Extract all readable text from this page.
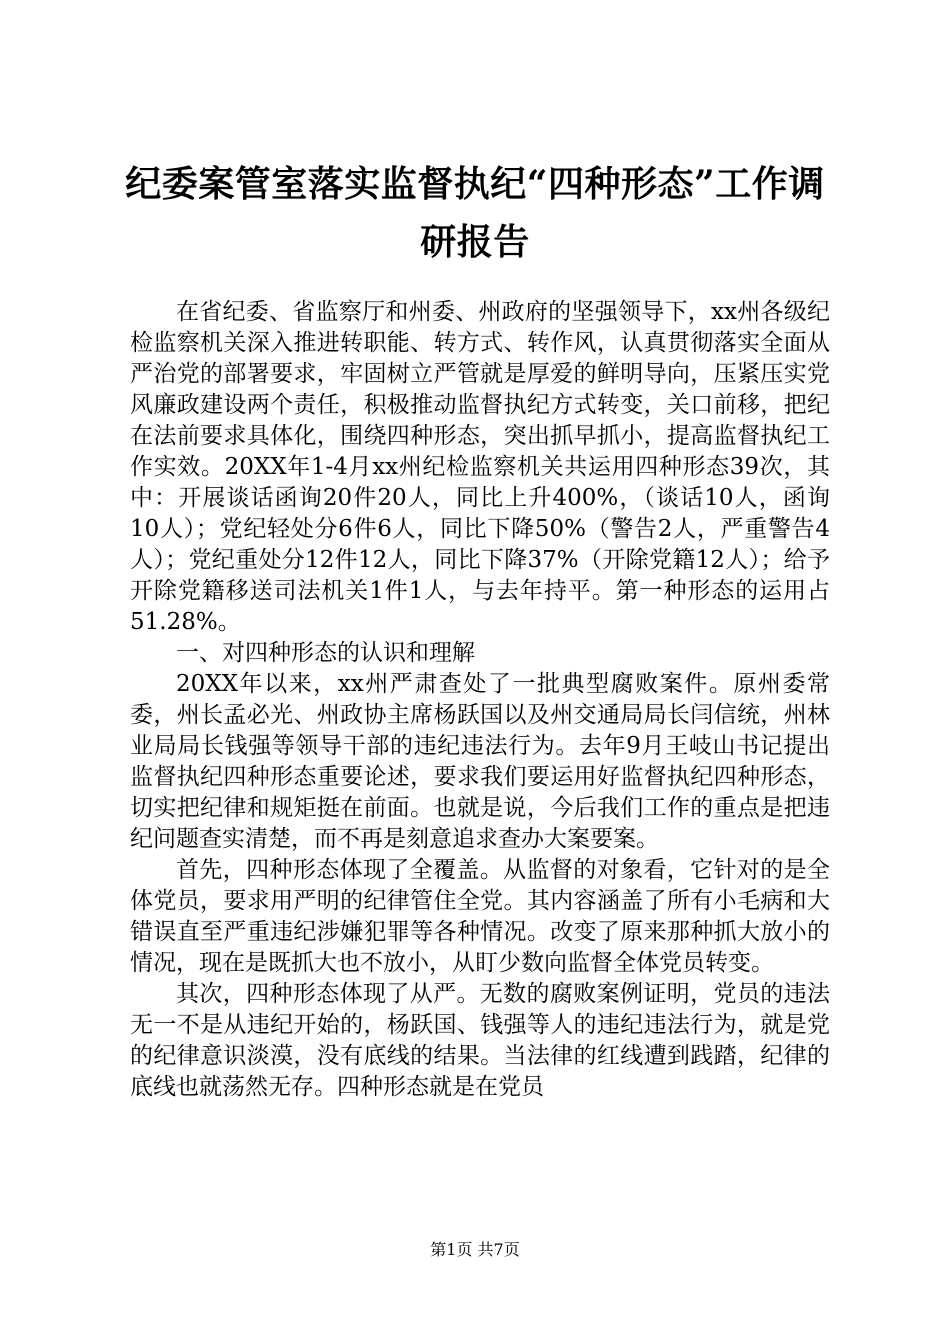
纪委案管室落实监督执纪“四种形态”工作调研报告

在省纪委、省监察厅和州委、州政府的坚强领导下，xx州各级纪检监察机关深入推进转职能、转方式、转作风，认真贯彻落实全面从严治党的部署要求，牢固树立严管就是厚爱的鲜明导向，压紧压实党风廉政建设两个责任，积极推动监督执纪方式转变，关口前移，把纪在法前要求具体化，围绕四种形态，突出抓早抓小，提高监督执纪工作实效。20XX年1-4月xx州纪检监察机关共运用四种形态39次，其中：开展谈话函询20件20人，同比上升400%，（谈话10人，函询10人）；党纪轻处分6件6人，同比下降50%（警告2人，严重警告4人）；党纪重处分12件12人，同比下降37%（开除党籍12人）；给予开除党籍移送司法机关1件1人，与去年持平。第一种形态的运用占51.28%。

一、对四种形态的认识和理解

20XX年以来，xx州严肃查处了一批典型腐败案件。原州委常委，州长孟必光、州政协主席杨跃国以及州交通局局长闫信统，州林业局局长钱强等领导干部的违纪违法行为。去年9月王岐山书记提出监督执纪四种形态重要论述，要求我们要运用好监督执纪四种形态，切实把纪律和规矩挺在前面。也就是说，今后我们工作的重点是把违纪问题查实清楚，而不再是刻意追求查办大案要案。

首先，四种形态体现了全覆盖。从监督的对象看，它针对的是全体党员，要求用严明的纪律管住全党。其内容涵盖了所有小毛病和大错误直至严重违纪涉嫌犯罪等各种情况。改变了原来那种抓大放小的情况，现在是既抓大也不放小，从盯少数向监督全体党员转变。

其次，四种形态体现了从严。无数的腐败案例证明，党员的违法无一不是从违纪开始的，杨跃国、钱强等人的违纪违法行为，就是党的纪律意识淡漠，没有底线的结果。当法律的红线遭到践踏，纪律的底线也就荡然无存。四种形态就是在党员

第1页 共7页
